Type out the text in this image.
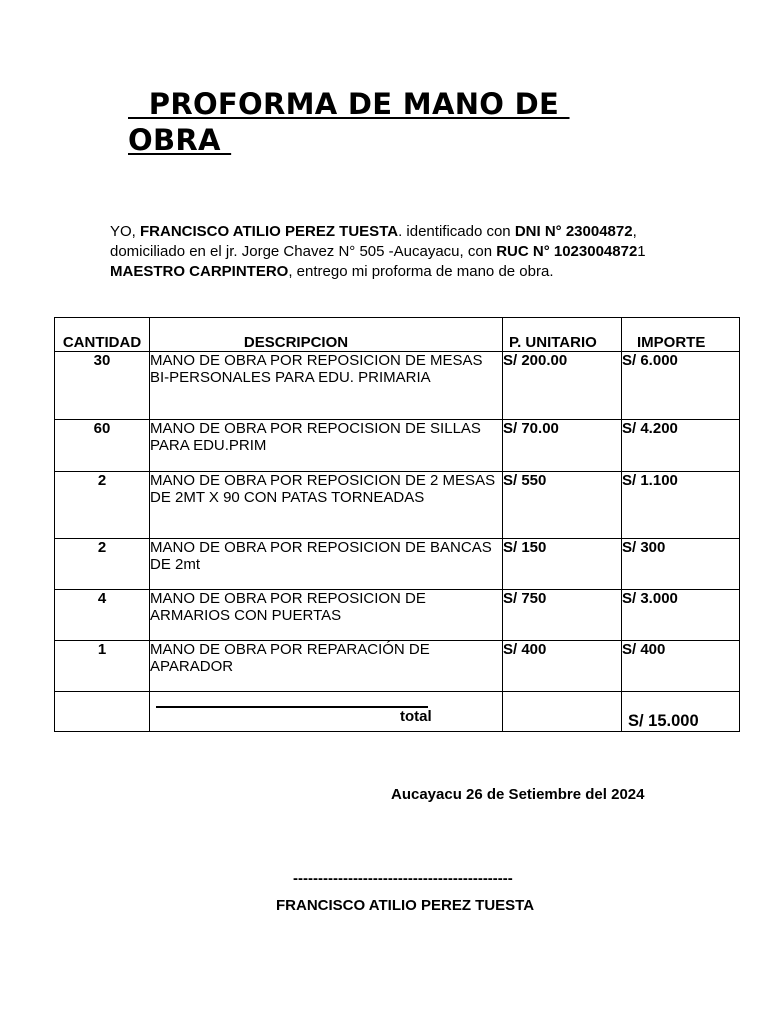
PROFORMA DE MANO DE
OBRA
YO, FRANCISCO ATILIO PEREZ TUESTA. identificado con DNI N° 23004872, domiciliado en el jr. Jorge Chavez N° 505 -Aucayacu, con RUC N° 10230048721
MAESTRO CARPINTERO, entrego mi proforma de mano de obra.
CANTIDAD	DESCRIPCION	P. UNITARIO	IMPORTE

30	MANO DE OBRA POR REPOSICION DE MESAS BI-PERSONALES PARA EDU. PRIMARIA	S/ 200.00	S/ 6.000
60	MANO DE OBRA POR REPOCISION DE SILLAS PARA EDU.PRIM	S/ 70.00	S/ 4.200
2	MANO DE OBRA POR REPOSICION DE 2 MESAS DE 2MT X 90 CON PATAS TORNEADAS	S/ 550	S/ 1.100
2	MANO DE OBRA POR REPOSICION DE BANCAS DE 2mt	S/ 150	S/ 300
4	MANO DE OBRA POR REPOSICION DE ARMARIOS CON PUERTAS	S/ 750	S/ 3.000
1	MANO DE OBRA POR REPARACIÓN DE APARADOR	S/ 400	S/ 400

	total		S/ 15.000
Aucayacu 26 de Setiembre del 2024
--------------------------------------------
FRANCISCO ATILIO PEREZ TUESTA
